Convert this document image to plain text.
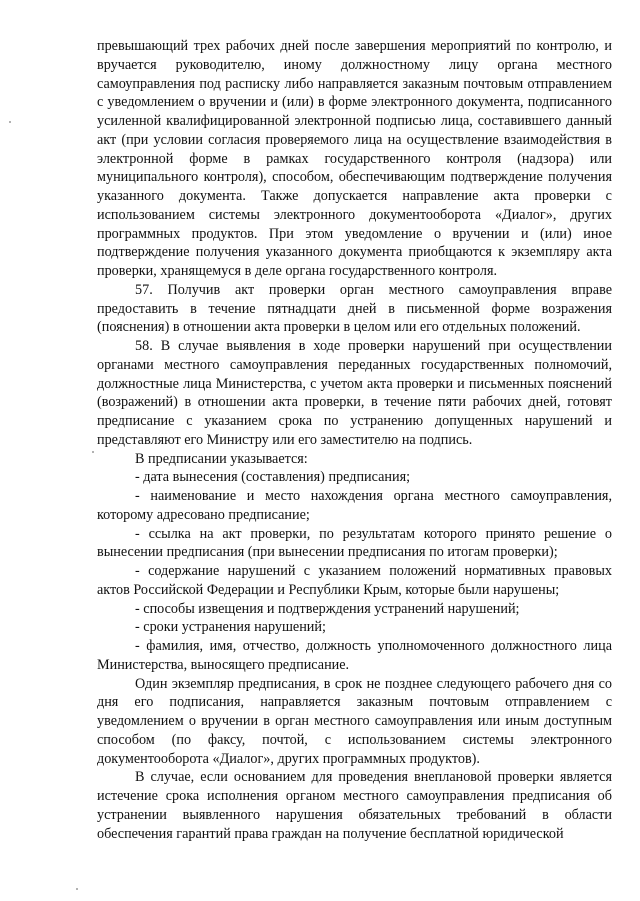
превышающий трех рабочих дней после завершения мероприятий по контролю, и вручается руководителю, иному должностному лицу органа местного самоуправления под расписку либо направляется заказным почтовым отправлением с уведомлением о вручении и (или) в форме электронного документа, подписанного усиленной квалифицированной электронной подписью лица, составившего данный акт (при условии согласия проверяемого лица на осуществление взаимодействия в электронной форме в рамках государственного контроля (надзора) или муниципального контроля), способом, обеспечивающим подтверждение получения указанного документа. Также допускается направление акта проверки с использованием системы электронного документооборота «Диалог», других программных продуктов. При этом уведомление о вручении и (или) иное подтверждение получения указанного документа приобщаются к экземпляру акта проверки, хранящемуся в деле органа государственного контроля.

57. Получив акт проверки орган местного самоуправления вправе предоставить в течение пятнадцати дней в письменной форме возражения (пояснения) в отношении акта проверки в целом или его отдельных положений.

58. В случае выявления в ходе проверки нарушений при осуществлении органами местного самоуправления переданных государственных полномочий, должностные лица Министерства, с учетом акта проверки и письменных пояснений (возражений) в отношении акта проверки, в течение пяти рабочих дней, готовят предписание с указанием срока по устранению допущенных нарушений и представляют его Министру или его заместителю на подпись.

В предписании указывается:

- дата вынесения (составления) предписания;

- наименование и место нахождения органа местного самоуправления, которому адресовано предписание;

- ссылка на акт проверки, по результатам которого принято решение о вынесении предписания (при вынесении предписания по итогам проверки);

- содержание нарушений с указанием положений нормативных правовых актов Российской Федерации и Республики Крым, которые были нарушены;

- способы извещения и подтверждения устранений нарушений;

- сроки устранения нарушений;

- фамилия, имя, отчество, должность уполномоченного должностного лица Министерства, выносящего предписание.

Один экземпляр предписания, в срок не позднее следующего рабочего дня со дня его подписания, направляется заказным почтовым отправлением с уведомлением о вручении в орган местного самоуправления или иным доступным способом (по факсу, почтой, с использованием системы электронного документооборота «Диалог», других программных продуктов).

В случае, если основанием для проведения внеплановой проверки является истечение срока исполнения органом местного самоуправления предписания об устранении выявленного нарушения обязательных требований в области обеспечения гарантий права граждан на получение бесплатной юридической
